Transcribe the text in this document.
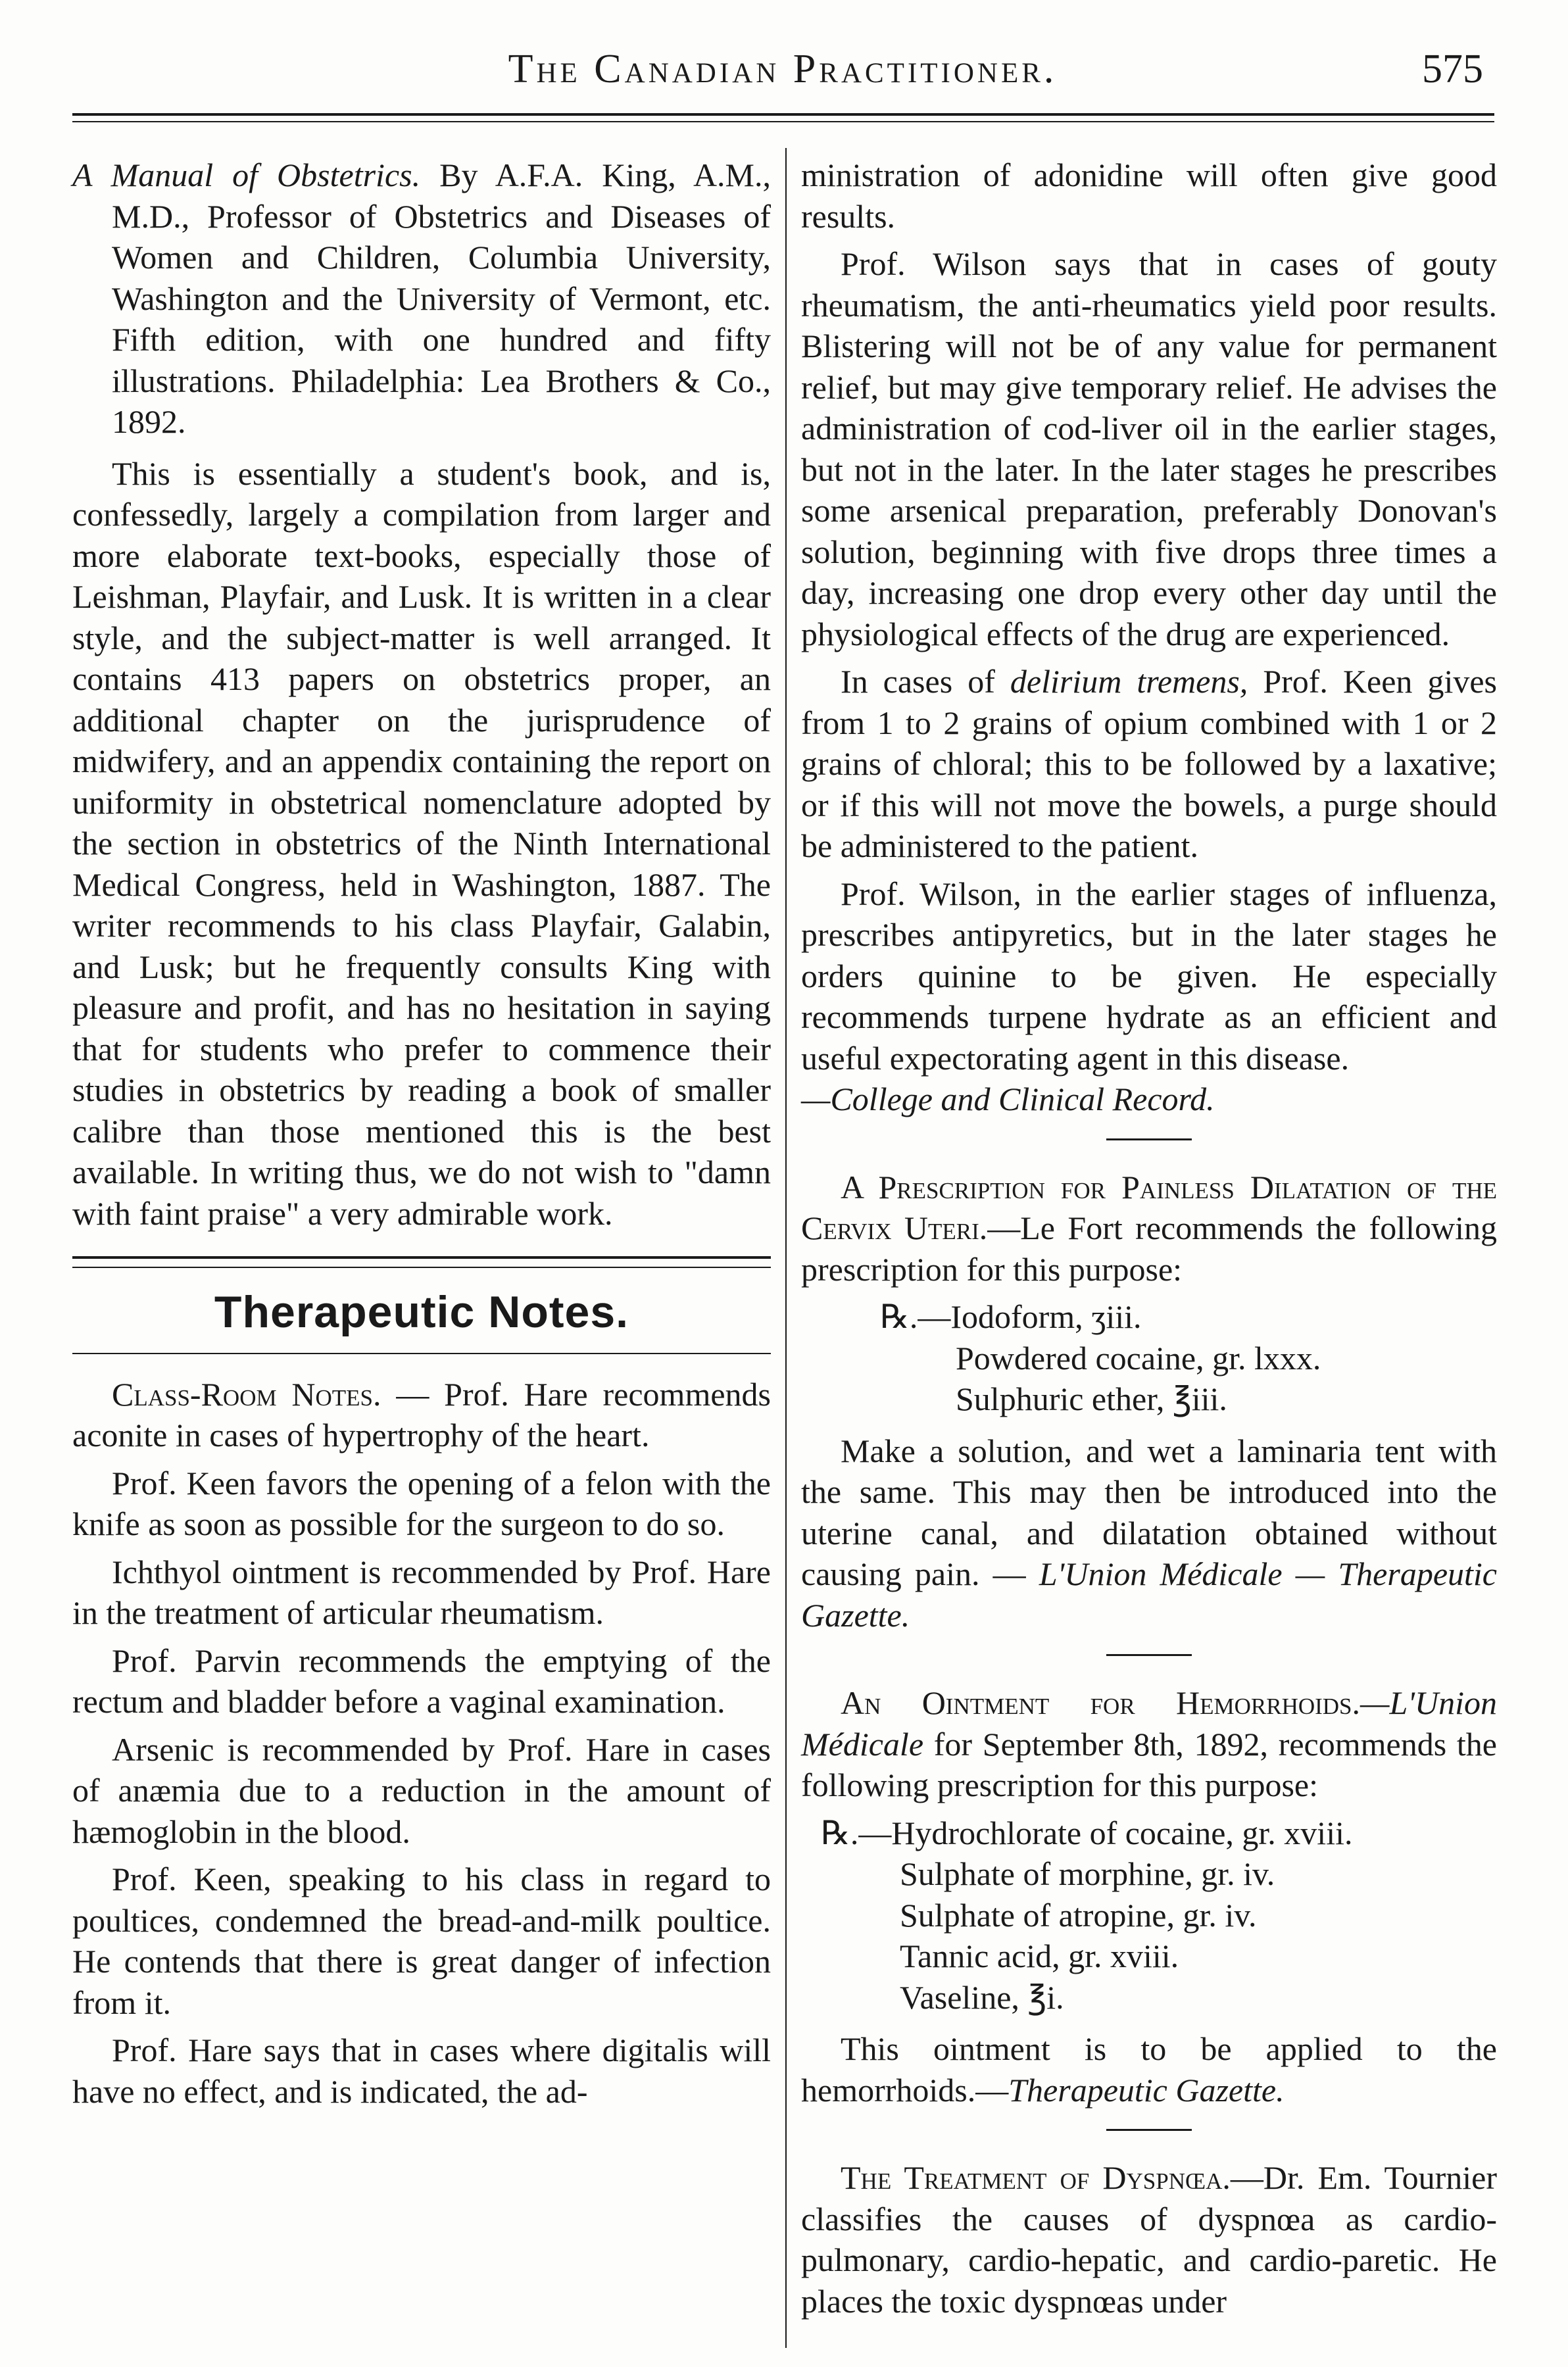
The Canadian Practitioner.	575

A Manual of Obstetrics. By A.F.A. King, A.M., M.D., Professor of Obstetrics and Diseases of Women and Children, Columbia University, Washington and the University of Vermont, etc. Fifth edition, with one hundred and fifty illustrations. Philadelphia: Lea Brothers & Co., 1892.

This is essentially a student's book, and is, confessedly, largely a compilation from larger and more elaborate text-books, especially those of Leishman, Playfair, and Lusk. It is written in a clear style, and the subject-matter is well arranged. It contains 413 papers on obstetrics proper, an additional chapter on the jurisprudence of midwifery, and an appendix containing the report on uniformity in obstetrical nomenclature adopted by the section in obstetrics of the Ninth International Medical Congress, held in Washington, 1887. The writer recommends to his class Playfair, Galabin, and Lusk; but he frequently consults King with pleasure and profit, and has no hesitation in saying that for students who prefer to commence their studies in obstetrics by reading a book of smaller calibre than those mentioned this is the best available. In writing thus, we do not wish to "damn with faint praise" a very admirable work.

Therapeutic Notes.

Class-Room Notes. — Prof. Hare recommends aconite in cases of hypertrophy of the heart.

Prof. Keen favors the opening of a felon with the knife as soon as possible for the surgeon to do so.

Ichthyol ointment is recommended by Prof. Hare in the treatment of articular rheumatism.

Prof. Parvin recommends the emptying of the rectum and bladder before a vaginal examination.

Arsenic is recommended by Prof. Hare in cases of anæmia due to a reduction in the amount of hæmoglobin in the blood.

Prof. Keen, speaking to his class in regard to poultices, condemned the bread-and-milk poultice. He contends that there is great danger of infection from it.

Prof. Hare says that in cases where digitalis will have no effect, and is indicated, the ad-

ministration of adonidine will often give good results.

Prof. Wilson says that in cases of gouty rheumatism, the anti-rheumatics yield poor results. Blistering will not be of any value for permanent relief, but may give temporary relief. He advises the administration of cod-liver oil in the earlier stages, but not in the later. In the later stages he prescribes some arsenical preparation, preferably Donovan's solution, beginning with five drops three times a day, increasing one drop every other day until the physiological effects of the drug are experienced.

In cases of delirium tremens, Prof. Keen gives from 1 to 2 grains of opium combined with 1 or 2 grains of chloral; this to be followed by a laxative; or if this will not move the bowels, a purge should be administered to the patient.

Prof. Wilson, in the earlier stages of influenza, prescribes antipyretics, but in the later stages he orders quinine to be given. He especially recommends turpene hydrate as an efficient and useful expectorating agent in this disease.
—College and Clinical Record.

A Prescription for Painless Dilatation of the Cervix Uteri.—Le Fort recommends the following prescription for this purpose:

℞.—Iodoform, ʒiii.
Powdered cocaine, gr. lxxx.
Sulphuric ether, ℥iii.

Make a solution, and wet a laminaria tent with the same. This may then be introduced into the uterine canal, and dilatation obtained without causing pain. — L'Union Médicale — Therapeutic Gazette.

An Ointment for Hemorrhoids.—L'Union Médicale for September 8th, 1892, recommends the following prescription for this purpose:

℞.—Hydrochlorate of cocaine, gr. xviii.
Sulphate of morphine, gr. iv.
Sulphate of atropine, gr. iv.
Tannic acid, gr. xviii.
Vaseline, ℥i.

This ointment is to be applied to the hemorrhoids.—Therapeutic Gazette.

The Treatment of Dyspnœa.—Dr. Em. Tournier classifies the causes of dyspnœa as cardio-pulmonary, cardio-hepatic, and cardio-paretic. He places the toxic dyspnœas under
